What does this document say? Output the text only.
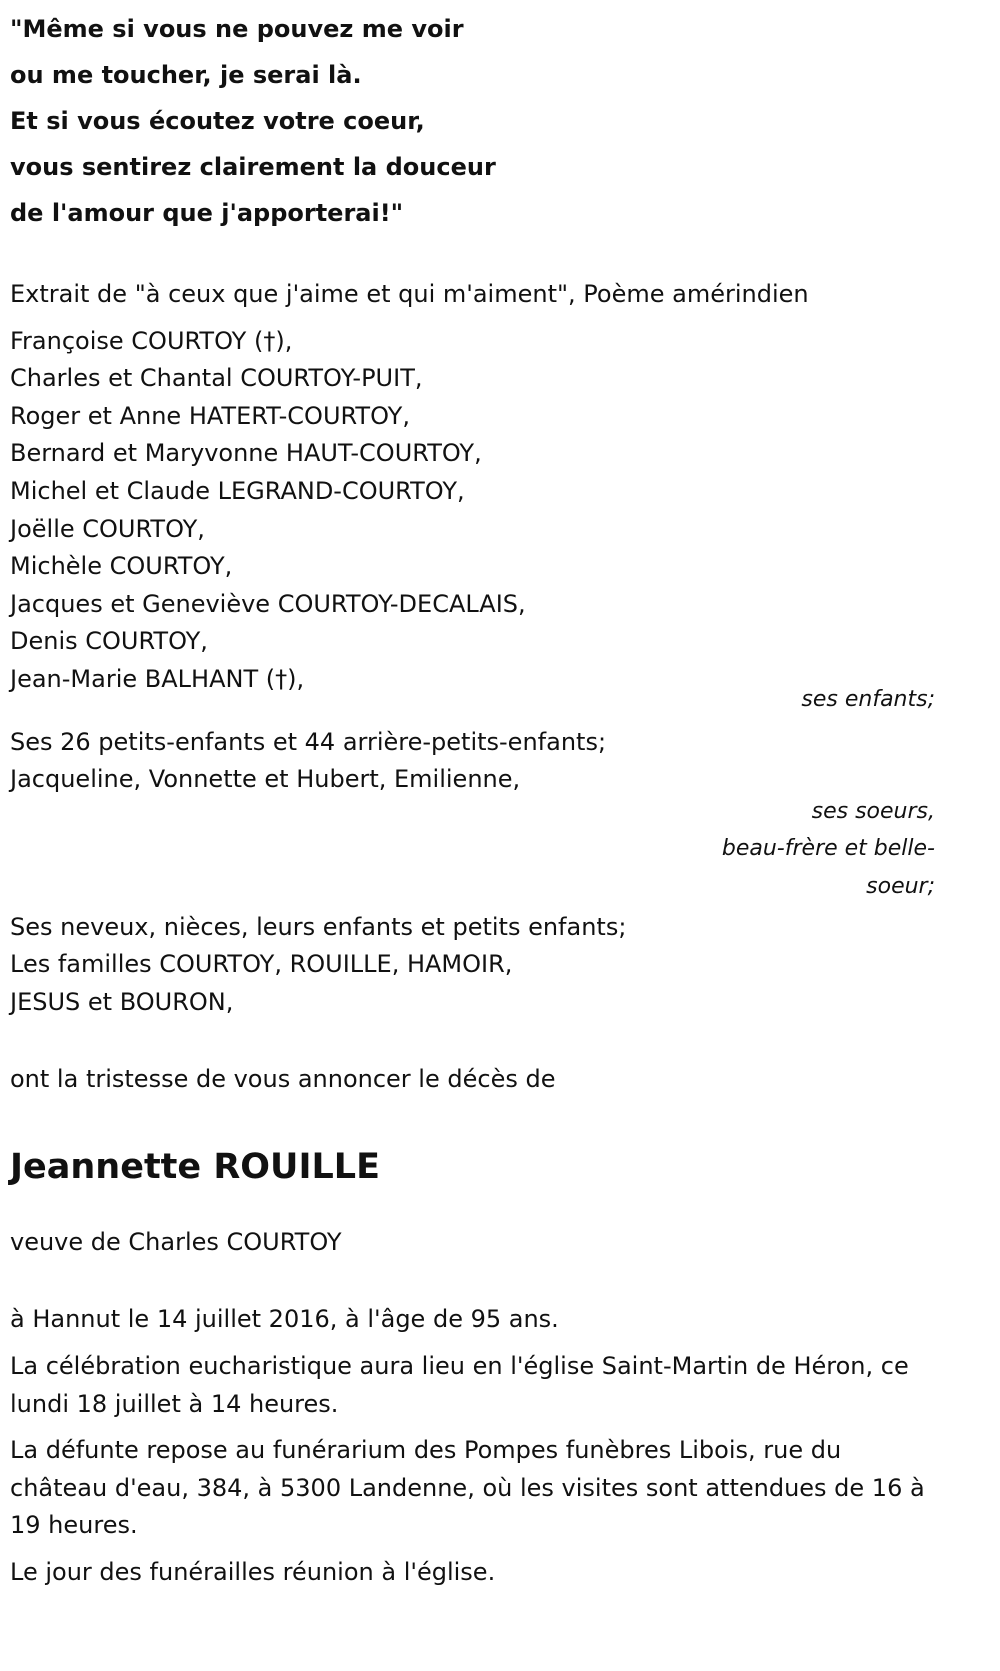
"Même si vous ne pouvez me voir
ou me toucher, je serai là.
Et si vous écoutez votre coeur,
vous sentirez clairement la douceur
de l'amour que j'apporterai!"
Extrait de "à ceux que j'aime et qui m'aiment", Poème amérindien
Françoise COURTOY (†),
Charles et Chantal COURTOY-PUIT,
Roger et Anne HATERT-COURTOY,
Bernard et Maryvonne HAUT-COURTOY,
Michel et Claude LEGRAND-COURTOY,
Joëlle COURTOY,
Michèle COURTOY,
Jacques et Geneviève COURTOY-DECALAIS,
Denis COURTOY,
Jean-Marie BALHANT (†),
ses enfants;
Ses 26 petits-enfants et 44 arrière-petits-enfants;
Jacqueline, Vonnette et Hubert, Emilienne,
ses soeurs,
beau-frère et belle-
soeur;
Ses neveux, nièces, leurs enfants et petits enfants;
Les familles COURTOY, ROUILLE, HAMOIR,
JESUS et BOURON,
ont la tristesse de vous annoncer le décès de
Jeannette ROUILLE
veuve de Charles COURTOY
à Hannut le 14 juillet 2016, à l'âge de 95 ans.
La célébration eucharistique aura lieu en l'église Saint-Martin de Héron, ce lundi 18 juillet à 14 heures.
La défunte repose au funérarium des Pompes funèbres Libois, rue du château d'eau, 384, à 5300 Landenne, où les visites sont attendues de 16 à 19 heures.
Le jour des funérailles réunion à l'église.
